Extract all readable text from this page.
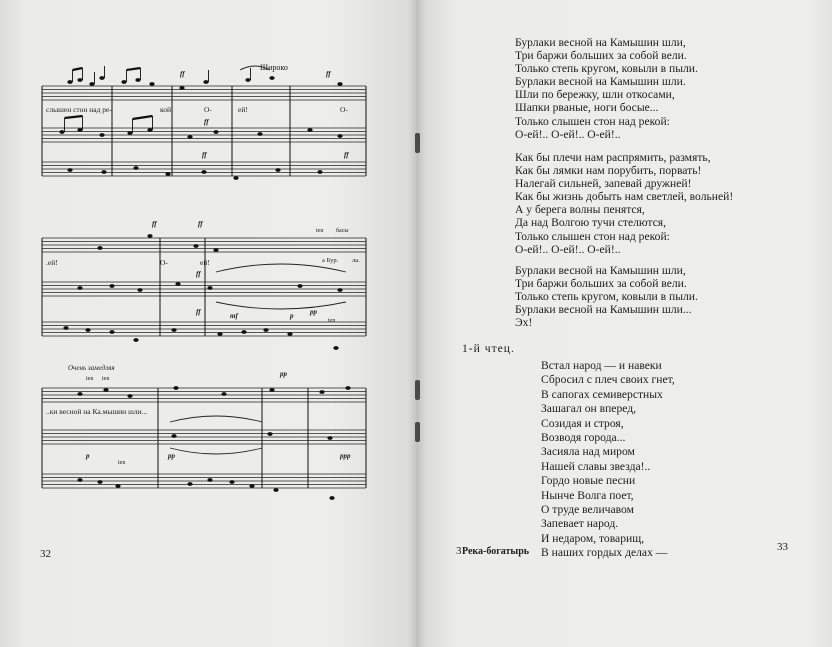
Широко
слышен стон над ре-	кой!	О-	ей!	О-
ff	ff
ff
ff	ff
.ей!	О-	ей!
ten басы
а Бур. ла.
ten
ff	ff
ff
ff	mf	p pp
Очень замедляя
ten ten
ten
..ки весной на Ка.мышин шли...
pp
p	pp	ppp
32
Бурлаки весной на Камышин шли,
Три баржи больших за собой вели.
Только степь кругом, ковыли в пыли.
Бурлаки весной на Камышин шли.
Шли по бережку, шли откосами,
Шапки рваные, ноги босые...
Только слышен стон над рекой:
О-ей!.. О-ей!.. О-ей!..
Как бы плечи нам распрямить, размять,
Как бы лямки нам порубить, порвать!
Налегай сильней, запевай дружней!
Как бы жизнь добыть нам светлей, вольней!
А у берега волны пенятся,
Да над Волгою тучи стелются,
Только слышен стон над рекой:
О-ей!.. О-ей!.. О-ей!..
Бурлаки весной на Камышин шли,
Три баржи больших за собой вели.
Только степь кругом, ковыли в пыли.
Бурлаки весной на Камышин шли...
Эх!
1-й чтец.
Встал народ — и навеки
Сбросил с плеч своих гнет,
В сапогах семиверстных
Зашагал он вперед,
Созидая и строя,
Возводя города...
Засияла над миром
Нашей славы звезда!..
Гордо новые песни
Нынче Волга поет,
О труде величавом
Запевает народ.
И недаром, товарищ,
В наших гордых делах —
3 Река-богатырь	33
